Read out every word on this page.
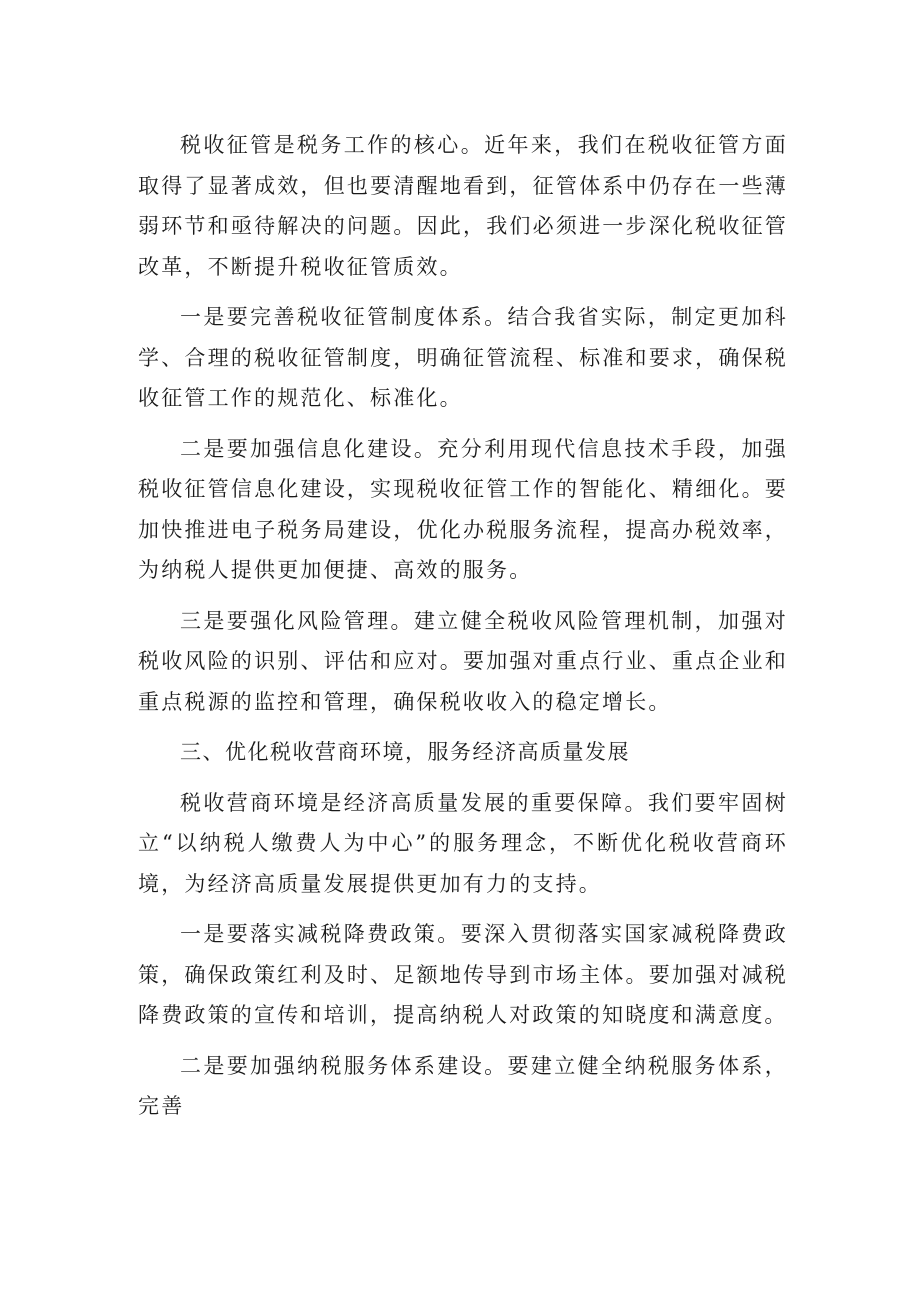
税收征管是税务工作的核心。近年来，我们在税收征管方面取得了显著成效，但也要清醒地看到，征管体系中仍存在一些薄弱环节和亟待解决的问题。因此，我们必须进一步深化税收征管改革，不断提升税收征管质效。

一是要完善税收征管制度体系。结合我省实际，制定更加科学、合理的税收征管制度，明确征管流程、标准和要求，确保税收征管工作的规范化、标准化。

二是要加强信息化建设。充分利用现代信息技术手段，加强税收征管信息化建设，实现税收征管工作的智能化、精细化。要加快推进电子税务局建设，优化办税服务流程，提高办税效率，为纳税人提供更加便捷、高效的服务。

三是要强化风险管理。建立健全税收风险管理机制，加强对税收风险的识别、评估和应对。要加强对重点行业、重点企业和重点税源的监控和管理，确保税收收入的稳定增长。

三、优化税收营商环境，服务经济高质量发展

税收营商环境是经济高质量发展的重要保障。我们要牢固树立“以纳税人缴费人为中心”的服务理念，不断优化税收营商环境，为经济高质量发展提供更加有力的支持。

一是要落实减税降费政策。要深入贯彻落实国家减税降费政策，确保政策红利及时、足额地传导到市场主体。要加强对减税降费政策的宣传和培训，提高纳税人对政策的知晓度和满意度。

二是要加强纳税服务体系建设。要建立健全纳税服务体系，完善
